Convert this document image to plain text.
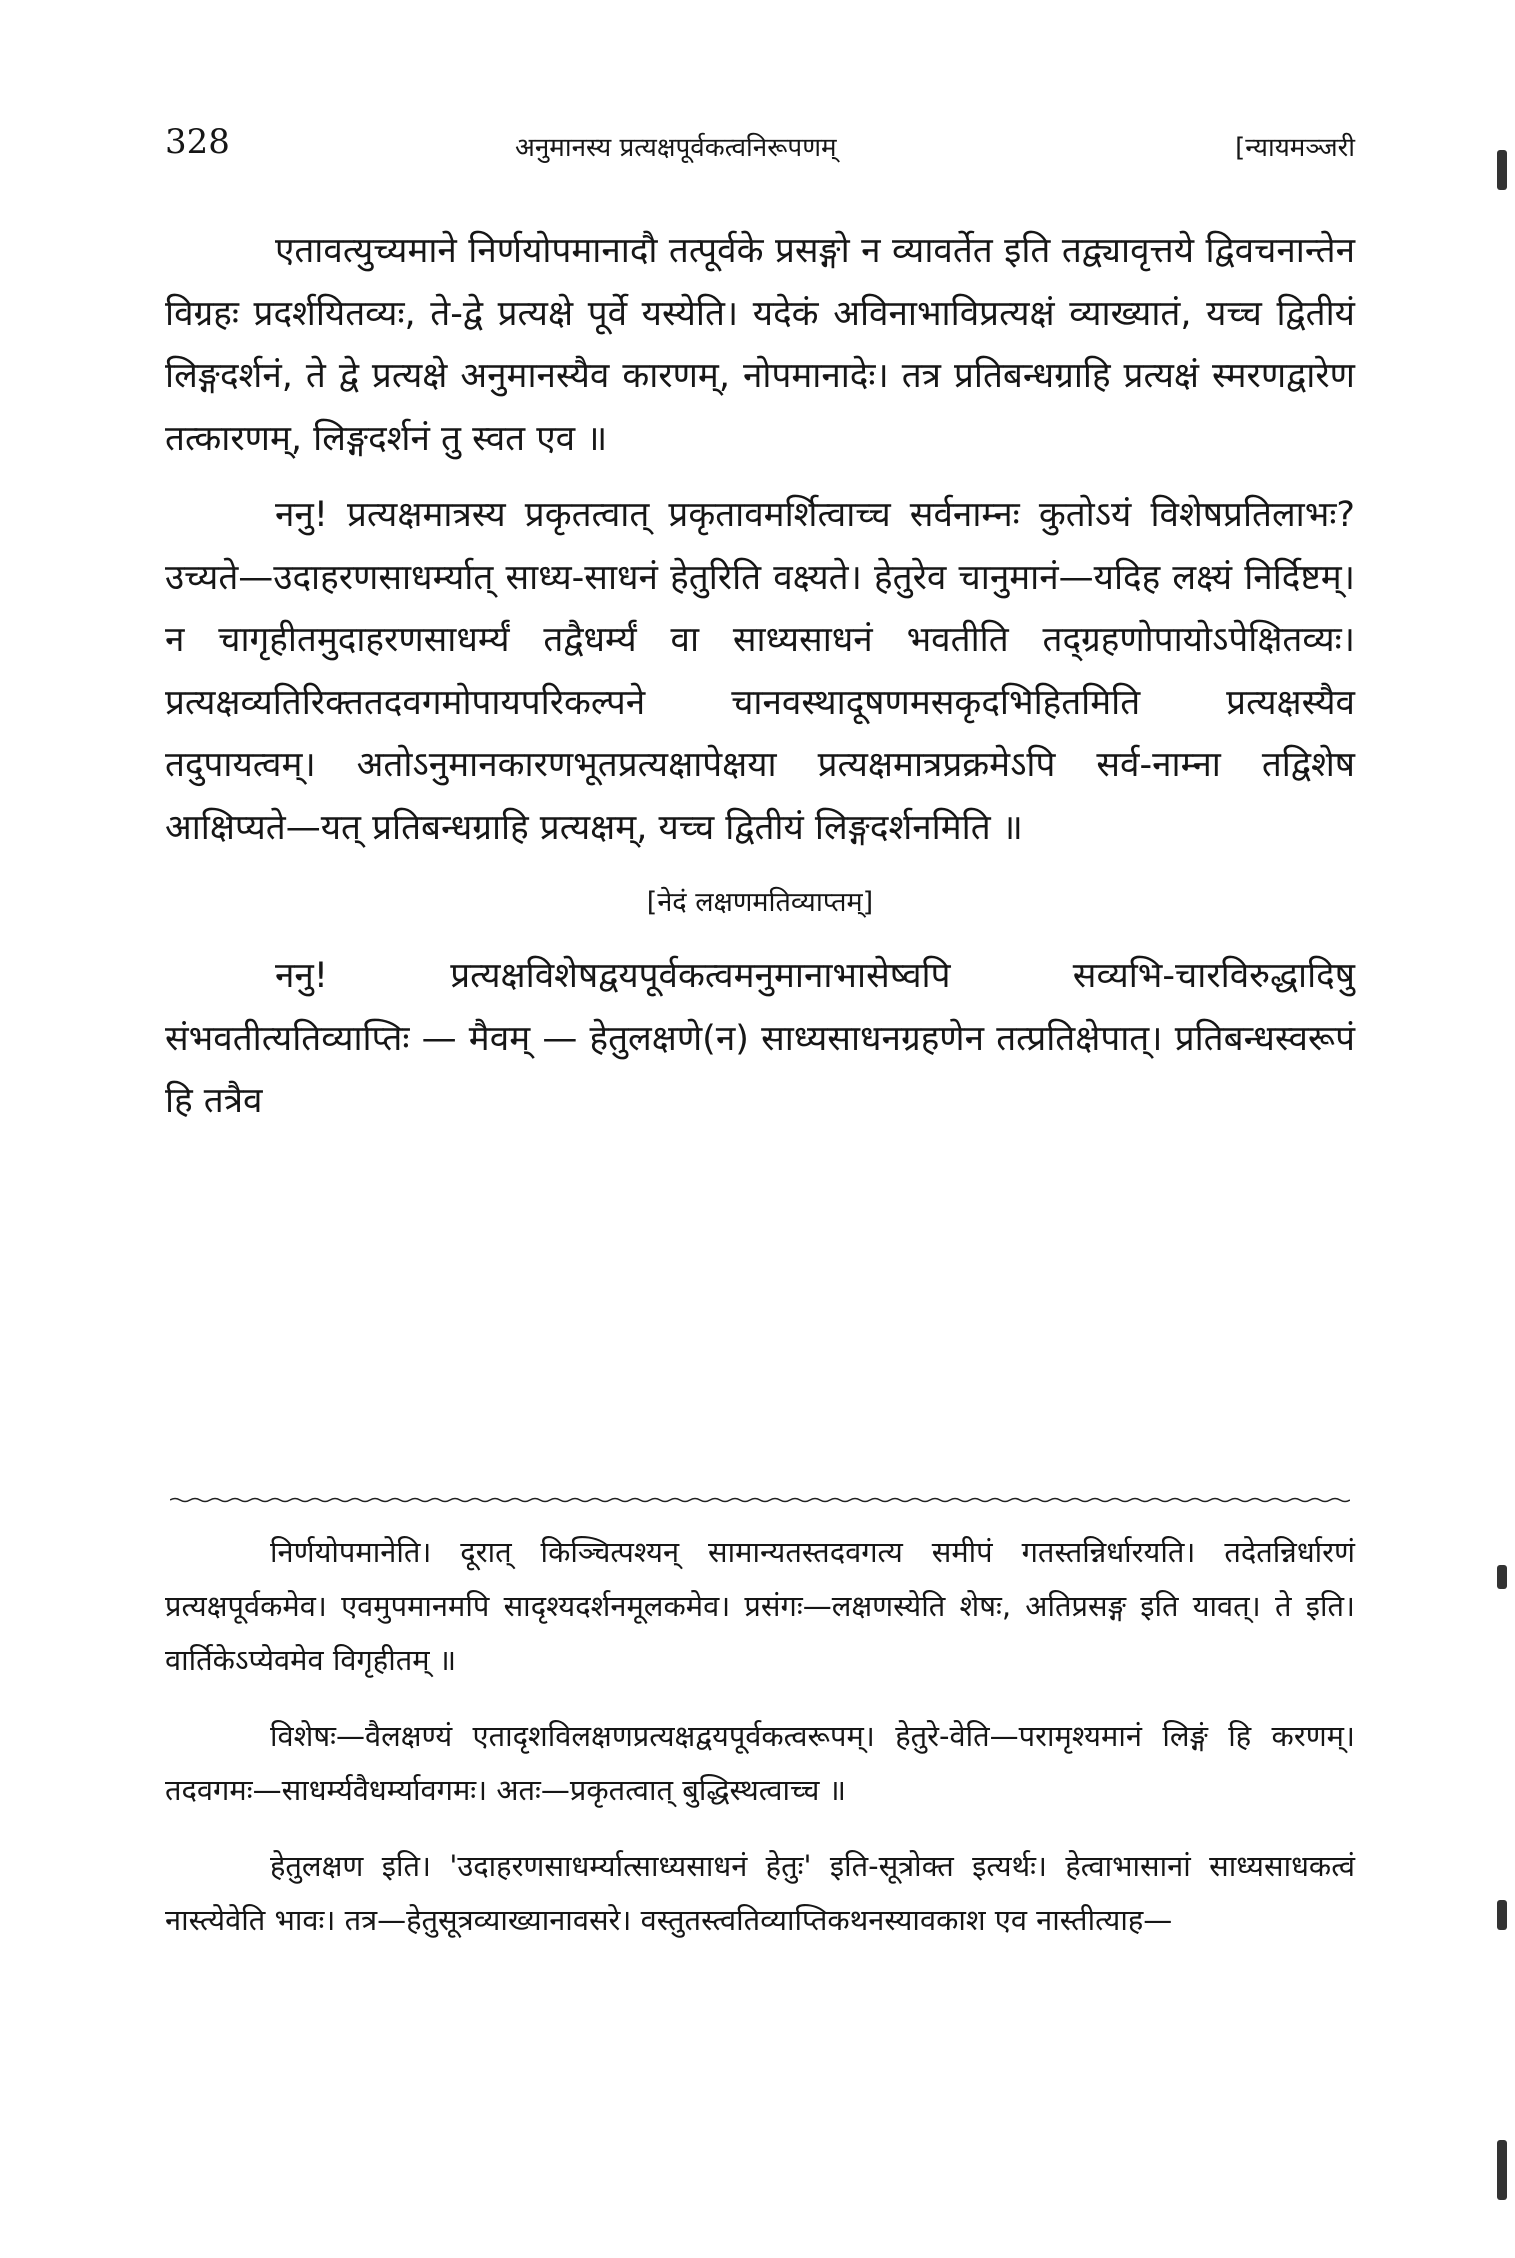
328	अनुमानस्य प्रत्यक्षपूर्वकत्वनिरूपणम्	[न्यायमञ्जरी

एतावत्युच्यमाने निर्णयोपमानादौ तत्पूर्वके प्रसङ्गो न व्यावर्तेत इति तद्व्यावृत्तये द्विवचनान्तेन विग्रहः प्रदर्शयितव्यः, ते-द्वे प्रत्यक्षे पूर्वे यस्येति। यदेकं अविनाभाविप्रत्यक्षं व्याख्यातं, यच्च द्वितीयं लिङ्गदर्शनं, ते द्वे प्रत्यक्षे अनुमानस्यैव कारणम्, नोपमानादेः। तत्र प्रतिबन्धग्राहि प्रत्यक्षं स्मरणद्वारेण तत्कारणम्, लिङ्गदर्शनं तु स्वत एव ॥

ननु! प्रत्यक्षमात्रस्य प्रकृतत्वात् प्रकृतावमर्शित्वाच्च सर्वनाम्नः कुतोऽयं विशेषप्रतिलाभः? उच्यते—उदाहरणसाधर्म्यात् साध्य-साधनं हेतुरिति वक्ष्यते। हेतुरेव चानुमानं—यदिह लक्ष्यं निर्दिष्टम्। न चागृहीतमुदाहरणसाधर्म्यं तद्वैधर्म्यं वा साध्यसाधनं भवतीति तद्ग्रहणोपायोऽपेक्षितव्यः। प्रत्यक्षव्यतिरिक्ततदवगमोपायपरिकल्पने चानवस्थादूषणमसकृदभिहितमिति प्रत्यक्षस्यैव तदुपायत्वम्। अतोऽनुमानकारणभूतप्रत्यक्षापेक्षया प्रत्यक्षमात्रप्रक्रमेऽपि सर्व-नाम्ना तद्विशेष आक्षिप्यते—यत् प्रतिबन्धग्राहि प्रत्यक्षम्, यच्च द्वितीयं लिङ्गदर्शनमिति ॥

[नेदं लक्षणमतिव्याप्तम्]

ननु! प्रत्यक्षविशेषद्वयपूर्वकत्वमनुमानाभासेष्वपि सव्यभि-चारविरुद्धादिषु संभवतीत्यतिव्याप्तिः — मैवम् — हेतुलक्षणे(न) साध्यसाधनग्रहणेन तत्प्रतिक्षेपात्। प्रतिबन्धस्वरूपं हि तत्रैव

निर्णयोपमानेति। दूरात् किञ्चित्पश्यन् सामान्यतस्तदवगत्य समीपं गतस्तन्निर्धारयति। तदेतन्निर्धारणं प्रत्यक्षपूर्वकमेव। एवमुपमानमपि सादृश्यदर्शनमूलकमेव। प्रसंगः—लक्षणस्येति शेषः, अतिप्रसङ्ग इति यावत्। ते इति। वार्तिकेऽप्येवमेव विगृहीतम् ॥

विशेषः—वैलक्षण्यं एतादृशविलक्षणप्रत्यक्षद्वयपूर्वकत्वरूपम्। हेतुरे-वेति—परामृश्यमानं लिङ्गं हि करणम्। तदवगमः—साधर्म्यवैधर्म्यावगमः। अतः—प्रकृतत्वात् बुद्धिस्थत्वाच्च ॥

हेतुलक्षण इति। 'उदाहरणसाधर्म्यात्साध्यसाधनं हेतुः' इति-सूत्रोक्त इत्यर्थः। हेत्वाभासानां साध्यसाधकत्वं नास्त्येवेति भावः। तत्र—हेतुसूत्रव्याख्यानावसरे। वस्तुतस्त्वतिव्याप्तिकथनस्यावकाश एव नास्तीत्याह—
